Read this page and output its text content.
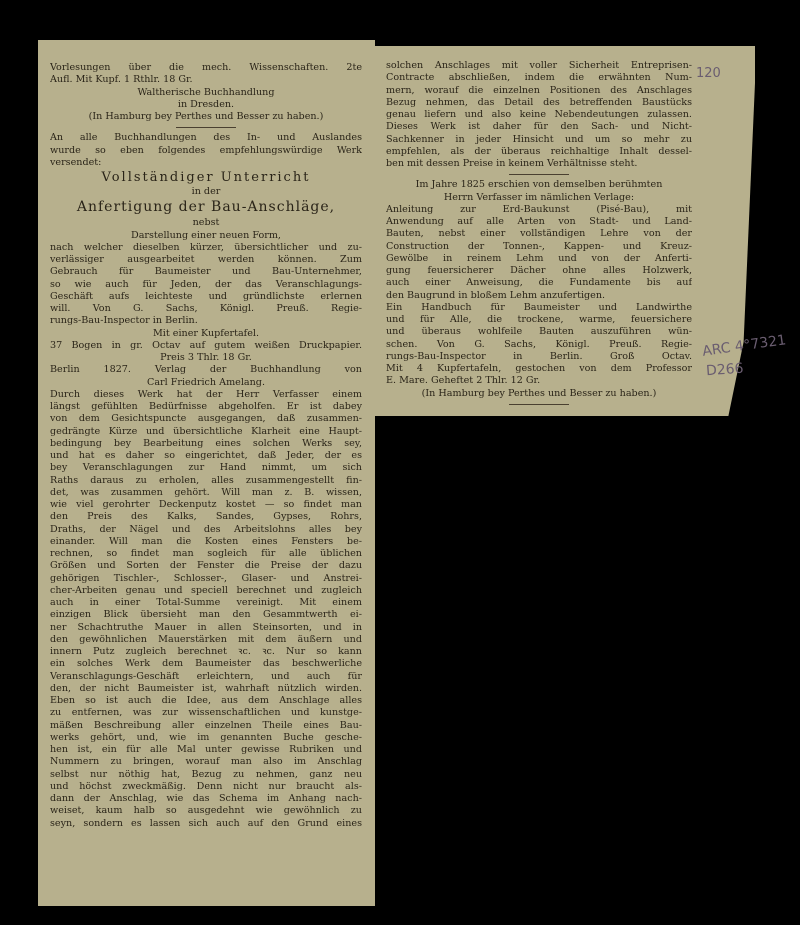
Vorlesungen über die mech. Wissenschaften. 2te
Aufl. Mit Kupf. 1 Rthlr. 18 Gr.
Waltherische Buchhandlung
in Dresden.
(In Hamburg bey Perthes und Besser zu haben.)
An alle Buchhandlungen des In- und Auslandes
wurde so eben folgendes empfehlungswürdige Werk
versendet:
Vollständiger Unterricht
in der
Anfertigung der Bau-Anschläge,
nebst
Darstellung einer neuen Form,
nach welcher dieselben kürzer, übersichtlicher und zu-
verlässiger ausgearbeitet werden können. Zum
Gebrauch für Baumeister und Bau-Unternehmer,
so wie auch für Jeden, der das Veranschlagungs-
Geschäft aufs leichteste und gründlichste erlernen
will. Von G. Sachs, Königl. Preuß. Regie-
rungs-Bau-Inspector in Berlin.
Mit einer Kupfertafel.
37 Bogen in gr. Octav auf gutem weißen Druckpapier.
Preis 3 Thlr. 18 Gr.
Berlin 1827. Verlag der Buchhandlung von
Carl Friedrich Amelang.
Durch dieses Werk hat der Herr Verfasser einem
längst gefühlten Bedürfnisse abgeholfen. Er ist dabey
von dem Gesichtspuncte ausgegangen, daß zusammen-
gedrängte Kürze und übersichtliche Klarheit eine Haupt-
bedingung bey Bearbeitung eines solchen Werks sey,
und hat es daher so eingerichtet, daß Jeder, der es
bey Veranschlagungen zur Hand nimmt, um sich
Raths daraus zu erholen, alles zusammengestellt fin-
det, was zusammen gehört. Will man z. B. wissen,
wie viel gerohrter Deckenputz kostet — so findet man
den Preis des Kalks, Sandes, Gypses, Rohrs,
Draths, der Nägel und des Arbeitslohns alles bey
einander. Will man die Kosten eines Fensters be-
rechnen, so findet man sogleich für alle üblichen
Größen und Sorten der Fenster die Preise der dazu
gehörigen Tischler-, Schlosser-, Glaser- und Anstrei-
cher-Arbeiten genau und speciell berechnet und zugleich
auch in einer Total-Summe vereinigt. Mit einem
einzigen Blick übersieht man den Gesammtwerth ei-
ner Schachtruthe Mauer in allen Steinsorten, und in
den gewöhnlichen Mauerstärken mit dem äußern und
innern Putz zugleich berechnet ꝛc. ꝛc. Nur so kann
ein solches Werk dem Baumeister das beschwerliche
Veranschlagungs-Geschäft erleichtern, und auch für
den, der nicht Baumeister ist, wahrhaft nützlich wirden.
Eben so ist auch die Idee, aus dem Anschlage alles
zu entfernen, was zur wissenschaftlichen und kunstge-
mäßen Beschreibung aller einzelnen Theile eines Bau-
werks gehört, und, wie im genannten Buche gesche-
hen ist, ein für alle Mal unter gewisse Rubriken und
Nummern zu bringen, worauf man also im Anschlag
selbst nur nöthig hat, Bezug zu nehmen, ganz neu
und höchst zweckmäßig. Denn nicht nur braucht als-
dann der Anschlag, wie das Schema im Anhang nach-
weiset, kaum halb so ausgedehnt wie gewöhnlich zu
seyn, sondern es lassen sich auch auf den Grund eines
solchen Anschlages mit voller Sicherheit Entreprisen-
Contracte abschließen, indem die erwähnten Num-
mern, worauf die einzelnen Positionen des Anschlages
Bezug nehmen, das Detail des betreffenden Baustücks
genau liefern und also keine Nebendeutungen zulassen.
Dieses Werk ist daher für den Sach- und Nicht-
Sachkenner in jeder Hinsicht und um so mehr zu
empfehlen, als der überaus reichhaltige Inhalt dessel-
ben mit dessen Preise in keinem Verhältnisse steht.
Im Jahre 1825 erschien von demselben berühmten
Herrn Verfasser im nämlichen Verlage:
Anleitung zur Erd-Baukunst (Pisé-Bau), mit
Anwendung auf alle Arten von Stadt- und Land-
Bauten, nebst einer vollständigen Lehre von der
Construction der Tonnen-, Kappen- und Kreuz-
Gewölbe in reinem Lehm und von der Anferti-
gung feuersicherer Dächer ohne alles Holzwerk,
auch einer Anweisung, die Fundamente bis auf
den Baugrund in bloßem Lehm anzufertigen.
Ein Handbuch für Baumeister und Landwirthe
und für Alle, die trockene, warme, feuersichere
und überaus wohlfeile Bauten auszuführen wün-
schen. Von G. Sachs, Königl. Preuß. Regie-
rungs-Bau-Inspector in Berlin. Groß Octav.
Mit 4 Kupfertafeln, gestochen von dem Professor
E. Mare. Geheftet 2 Thlr. 12 Gr.
(In Hamburg bey Perthes und Besser zu haben.)
120
ARC 4°7321
D266
